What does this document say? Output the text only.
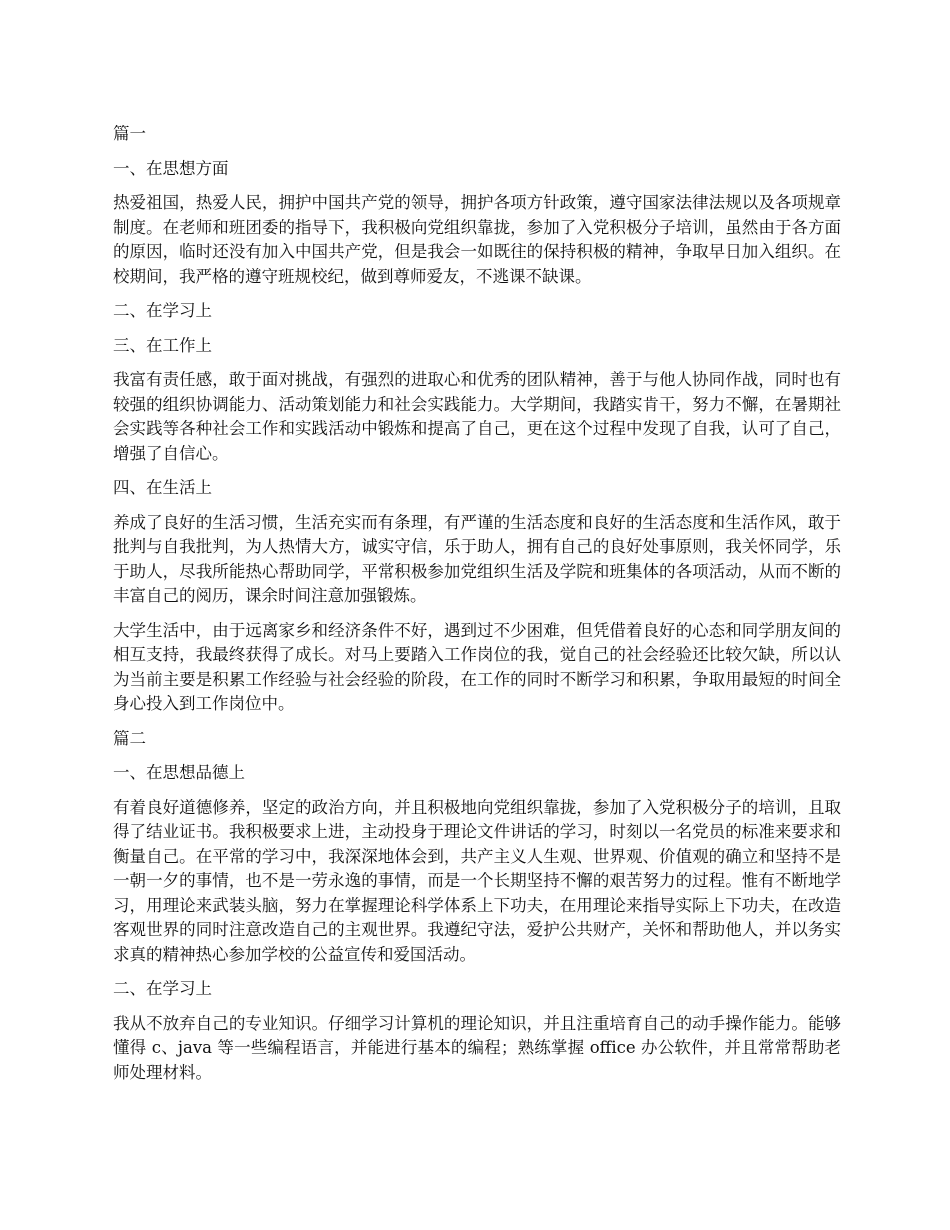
篇一

一、在思想方面

热爱祖国，热爱人民，拥护中国共产党的领导，拥护各项方针政策，遵守国家法律法规以及各项规章制度。在老师和班团委的指导下，我积极向党组织靠拢，参加了入党积极分子培训，虽然由于各方面的原因，临时还没有加入中国共产党，但是我会一如既往的保持积极的精神，争取早日加入组织。在校期间，我严格的遵守班规校纪，做到尊师爱友，不逃课不缺课。

二、在学习上

三、在工作上

我富有责任感，敢于面对挑战，有强烈的进取心和优秀的团队精神，善于与他人协同作战，同时也有较强的组织协调能力、活动策划能力和社会实践能力。大学期间，我踏实肯干，努力不懈，在暑期社会实践等各种社会工作和实践活动中锻炼和提高了自己，更在这个过程中发现了自我，认可了自己，增强了自信心。

四、在生活上

养成了良好的生活习惯，生活充实而有条理，有严谨的生活态度和良好的生活态度和生活作风，敢于批判与自我批判，为人热情大方，诚实守信，乐于助人，拥有自己的良好处事原则，我关怀同学，乐于助人，尽我所能热心帮助同学，平常积极参加党组织生活及学院和班集体的各项活动，从而不断的丰富自己的阅历，课余时间注意加强锻炼。

大学生活中，由于远离家乡和经济条件不好，遇到过不少困难，但凭借着良好的心态和同学朋友间的相互支持，我最终获得了成长。对马上要踏入工作岗位的我，觉自己的社会经验还比较欠缺，所以认为当前主要是积累工作经验与社会经验的阶段，在工作的同时不断学习和积累，争取用最短的时间全身心投入到工作岗位中。

篇二

一、在思想品德上

有着良好道德修养，坚定的政治方向，并且积极地向党组织靠拢，参加了入党积极分子的培训，且取得了结业证书。我积极要求上进，主动投身于理论文件讲话的学习，时刻以一名党员的标准来要求和衡量自己。在平常的学习中，我深深地体会到，共产主义人生观、世界观、价值观的确立和坚持不是一朝一夕的事情，也不是一劳永逸的事情，而是一个长期坚持不懈的艰苦努力的过程。惟有不断地学习，用理论来武装头脑，努力在掌握理论科学体系上下功夫，在用理论来指导实际上下功夫，在改造客观世界的同时注意改造自己的主观世界。我遵纪守法，爱护公共财产，关怀和帮助他人，并以务实求真的精神热心参加学校的公益宣传和爱国活动。

二、在学习上

我从不放弃自己的专业知识。仔细学习计算机的理论知识，并且注重培育自己的动手操作能力。能够懂得 c、java 等一些编程语言，并能进行基本的编程；熟练掌握 office 办公软件，并且常常帮助老师处理材料。
